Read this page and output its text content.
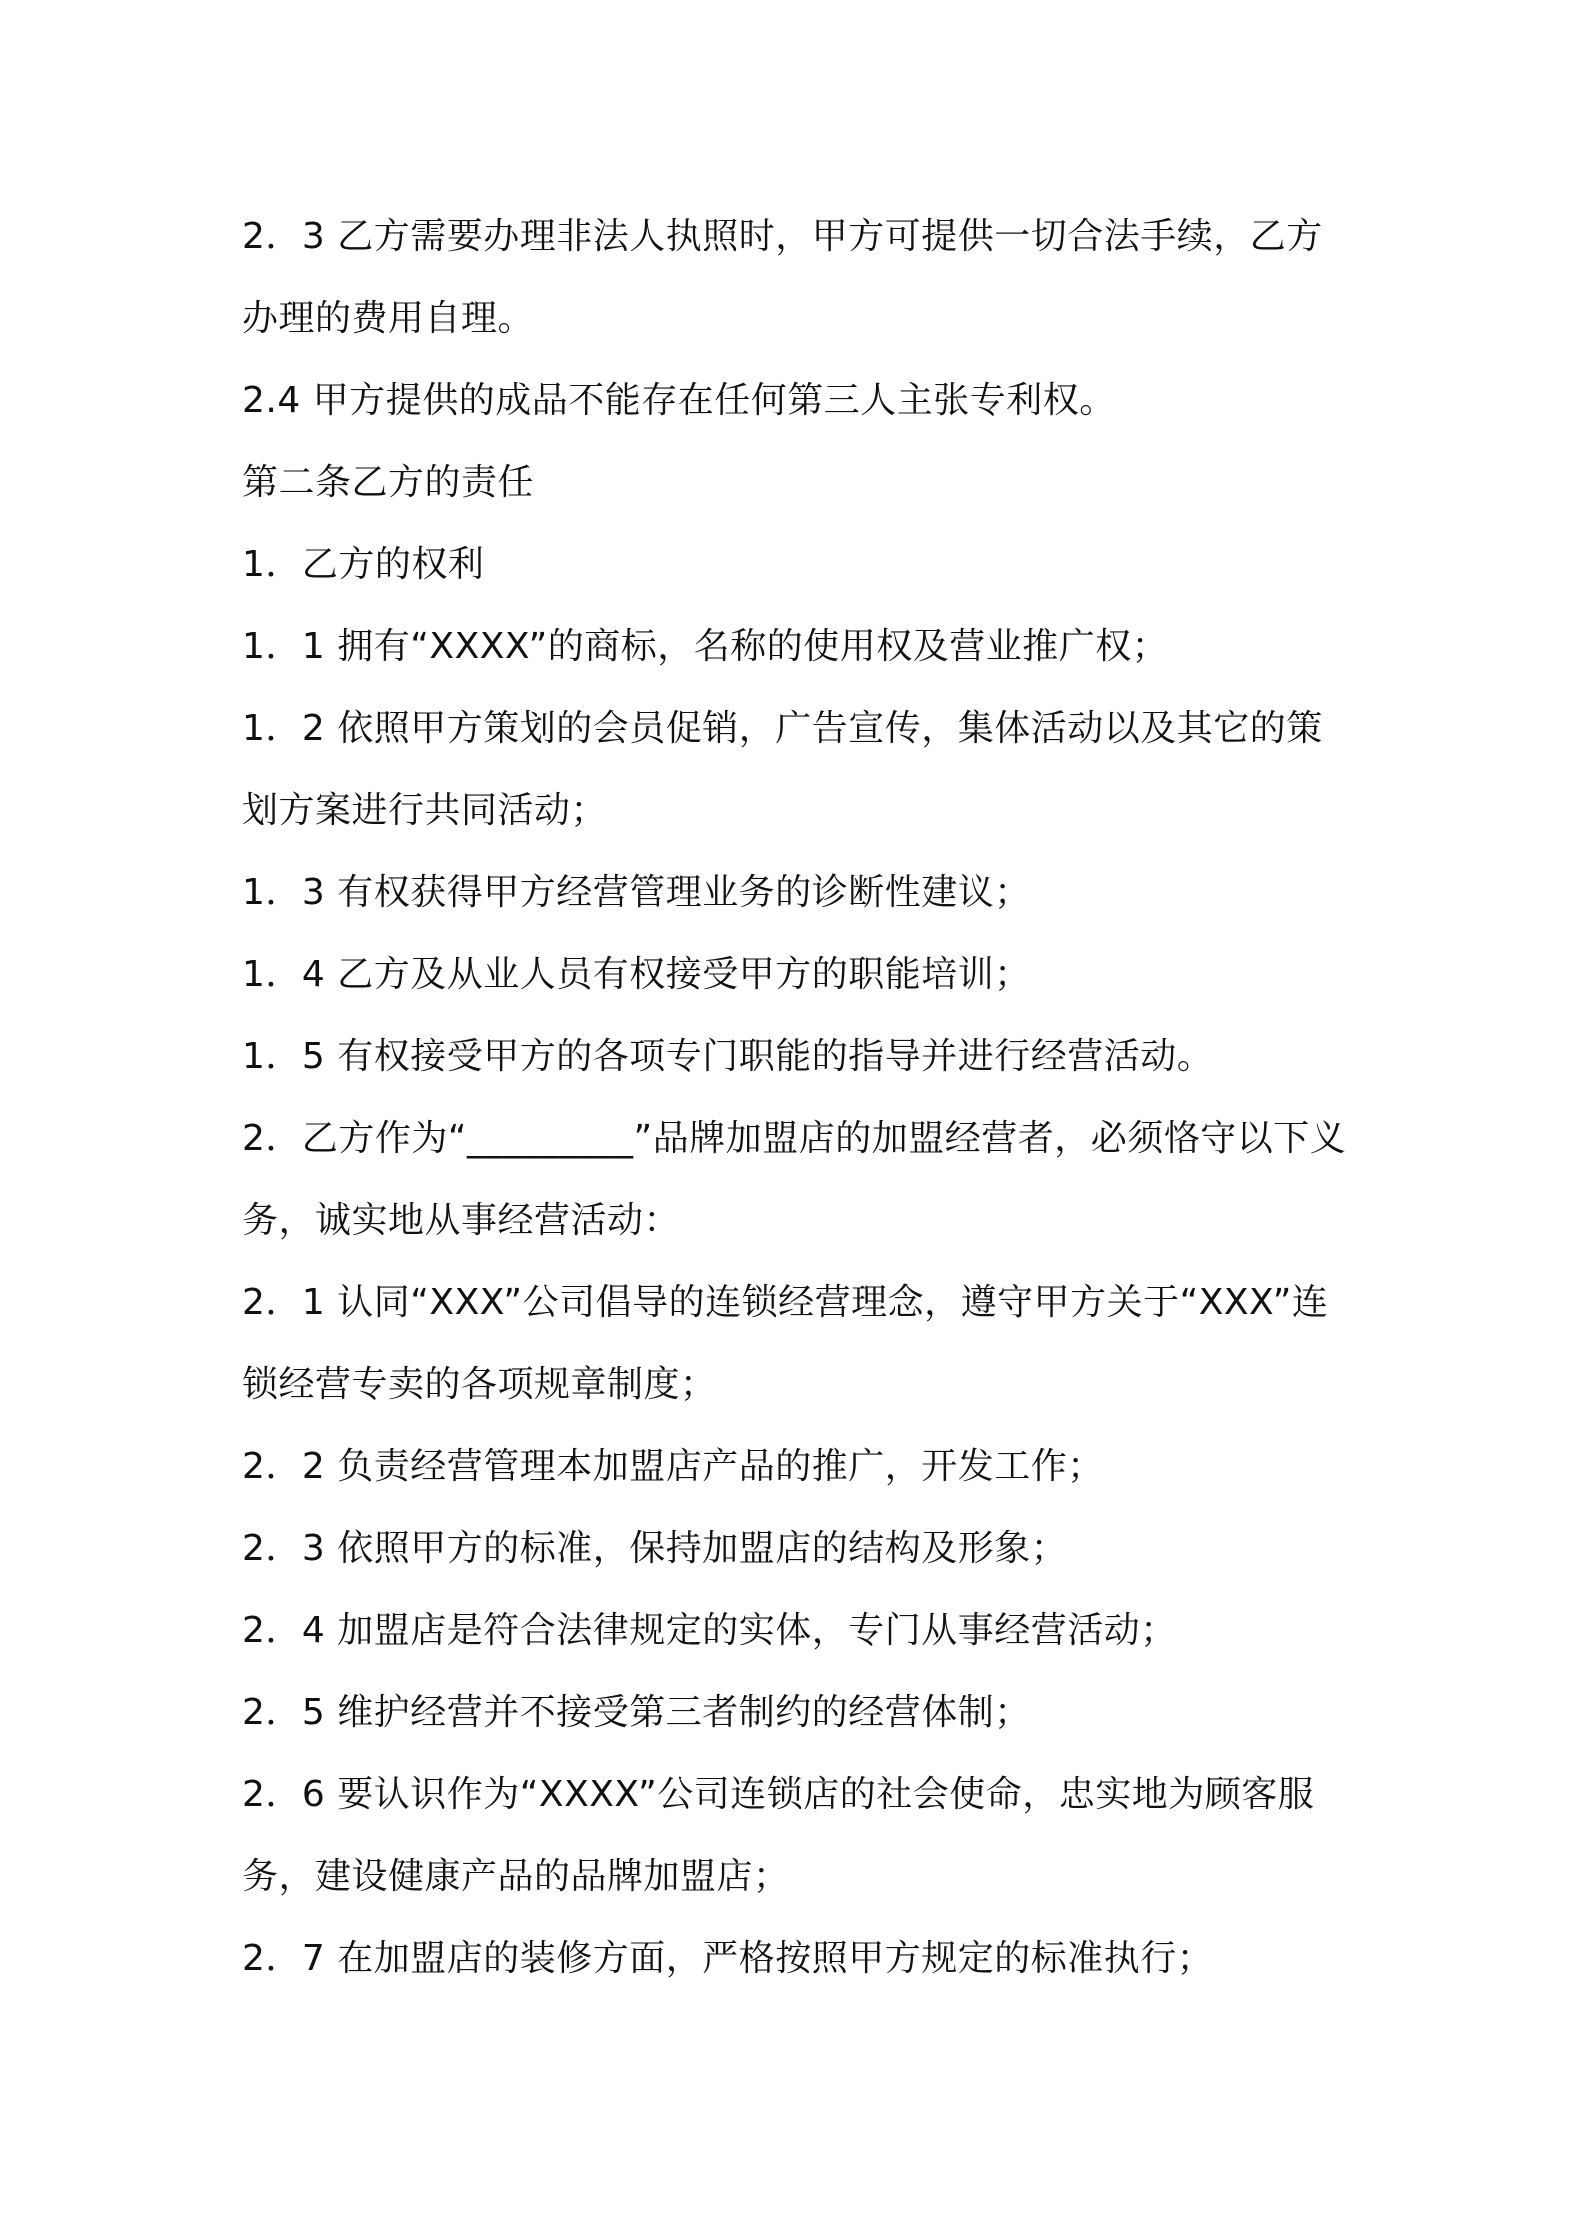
2．3 乙方需要办理非法人执照时，甲方可提供一切合法手续，乙方办理的费用自理。

2.4 甲方提供的成品不能存在任何第三人主张专利权。

第二条乙方的责任

1．乙方的权利

1．1 拥有“XXXX”的商标，名称的使用权及营业推广权；

1．2 依照甲方策划的会员促销，广告宣传，集体活动以及其它的策划方案进行共同活动；

1．3 有权获得甲方经营管理业务的诊断性建议；

1．4 乙方及从业人员有权接受甲方的职能培训；

1．5 有权接受甲方的各项专门职能的指导并进行经营活动。

2．乙方作为“_________”品牌加盟店的加盟经营者，必须恪守以下义务，诚实地从事经营活动：

2．1 认同“XXX”公司倡导的连锁经营理念，遵守甲方关于“XXX”连锁经营专卖的各项规章制度；

2．2 负责经营管理本加盟店产品的推广，开发工作；

2．3 依照甲方的标准，保持加盟店的结构及形象；

2．4 加盟店是符合法律规定的实体，专门从事经营活动；

2．5 维护经营并不接受第三者制约的经营体制；

2．6 要认识作为“XXXX”公司连锁店的社会使命，忠实地为顾客服务，建设健康产品的品牌加盟店；

2．7 在加盟店的装修方面，严格按照甲方规定的标准执行；
